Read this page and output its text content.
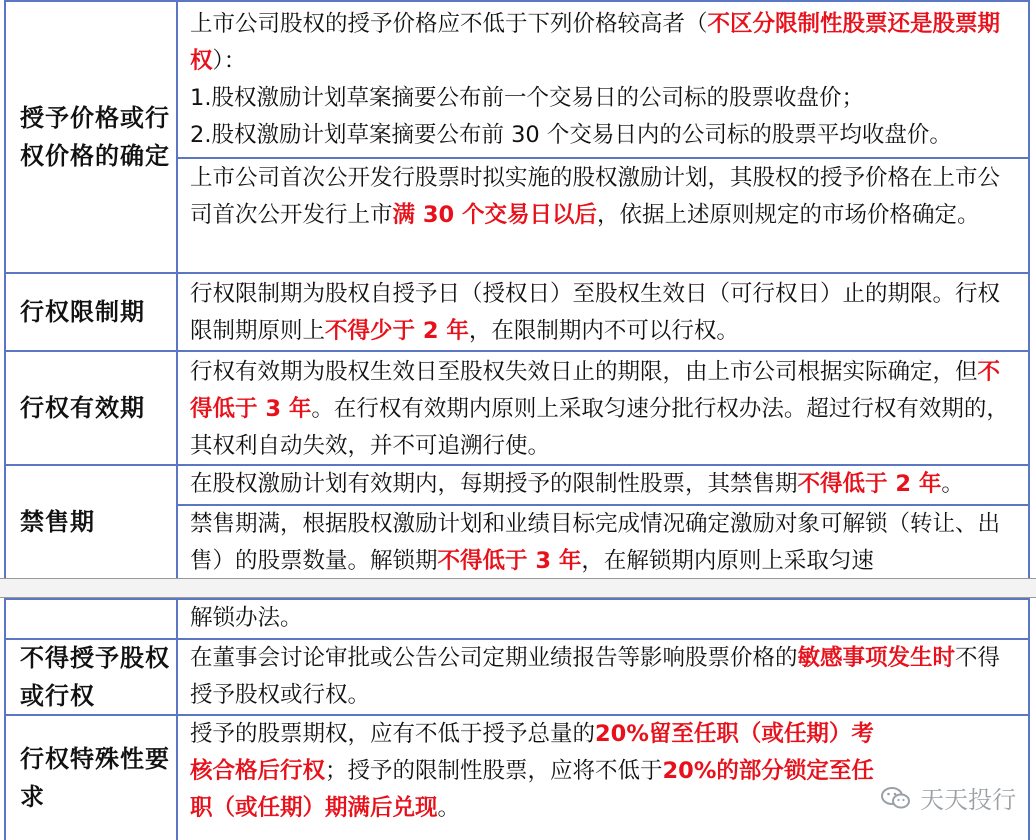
授予价格或行权价格的确定
上市公司股权的授予价格应不低于下列价格较高者（不区分限制性股票还是股票期权）：
1.股权激励计划草案摘要公布前一个交易日的公司标的股票收盘价；
2.股权激励计划草案摘要公布前 30 个交易日内的公司标的股票平均收盘价。
上市公司首次公开发行股票时拟实施的股权激励计划，其股权的授予价格在上市公司首次公开发行上市满 30 个交易日以后，依据上述原则规定的市场价格确定。
行权限制期
行权限制期为股权自授予日（授权日）至股权生效日（可行权日）止的期限。行权限制期原则上不得少于 2 年，在限制期内不可以行权。
行权有效期
行权有效期为股权生效日至股权失效日止的期限，由上市公司根据实际确定，但不得低于 3 年。在行权有效期内原则上采取匀速分批行权办法。超过行权有效期的，其权利自动失效，并不可追溯行使。
禁售期
在股权激励计划有效期内，每期授予的限制性股票，其禁售期不得低于 2 年。
禁售期满，根据股权激励计划和业绩目标完成情况确定激励对象可解锁（转让、出售）的股票数量。解锁期不得低于 3 年，在解锁期内原则上采取匀速
解锁办法。
不得授予股权或行权
在董事会讨论审批或公告公司定期业绩报告等影响股票价格的敏感事项发生时不得授予股权或行权。
行权特殊性要求
授予的股票期权，应有不低于授予总量的20%留至任职（或任期）考核合格后行权；授予的限制性股票，应将不低于20%的部分锁定至任职（或任期）期满后兑现。	天天投行
